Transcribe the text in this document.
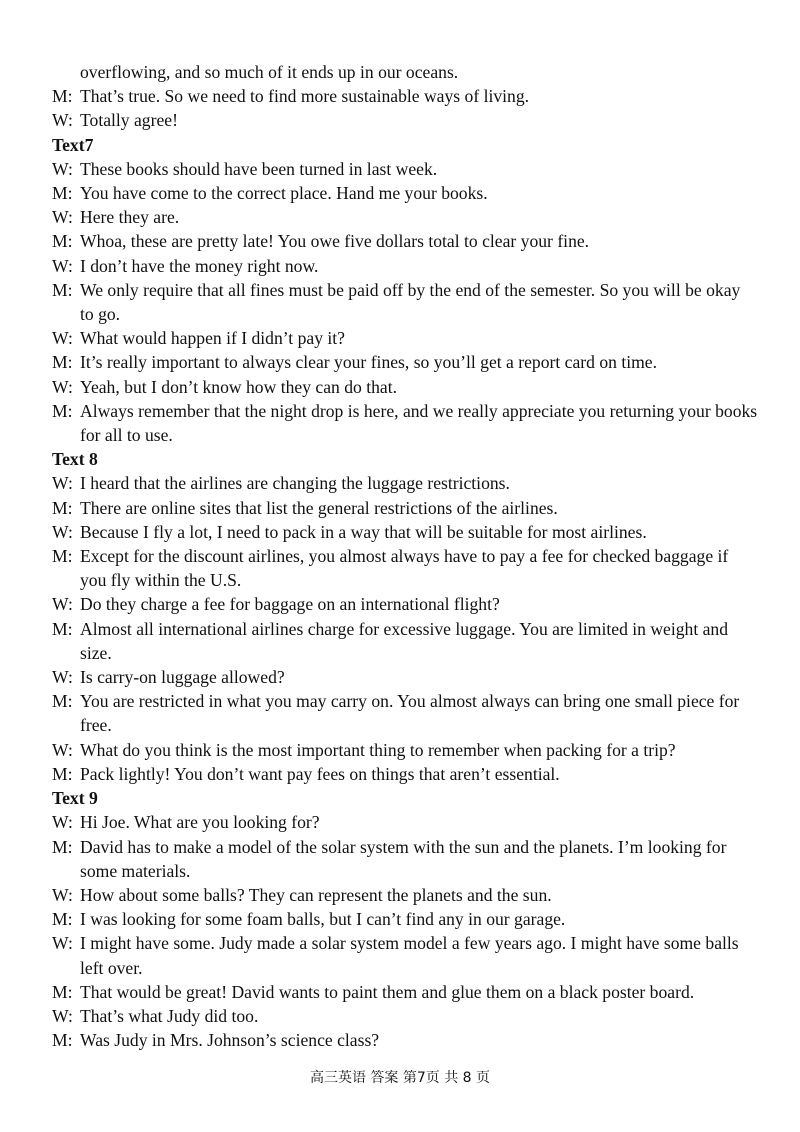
overflowing, and so much of it ends up in our oceans.
M: That’s true. So we need to find more sustainable ways of living.
W: Totally agree!
Text7
W: These books should have been turned in last week.
M: You have come to the correct place. Hand me your books.
W: Here they are.
M: Whoa, these are pretty late! You owe five dollars total to clear your fine.
W: I don’t have the money right now.
M: We only require that all fines must be paid off by the end of the semester. So you will be okay to go.
W: What would happen if I didn’t pay it?
M: It’s really important to always clear your fines, so you’ll get a report card on time.
W: Yeah, but I don’t know how they can do that.
M: Always remember that the night drop is here, and we really appreciate you returning your books for all to use.
Text 8
W: I heard that the airlines are changing the luggage restrictions.
M: There are online sites that list the general restrictions of the airlines.
W: Because I fly a lot, I need to pack in a way that will be suitable for most airlines.
M: Except for the discount airlines, you almost always have to pay a fee for checked baggage if you fly within the U.S.
W: Do they charge a fee for baggage on an international flight?
M: Almost all international airlines charge for excessive luggage. You are limited in weight and size.
W: Is carry-on luggage allowed?
M: You are restricted in what you may carry on. You almost always can bring one small piece for free.
W: What do you think is the most important thing to remember when packing for a trip?
M: Pack lightly! You don’t want pay fees on things that aren’t essential.
Text 9
W: Hi Joe. What are you looking for?
M: David has to make a model of the solar system with the sun and the planets. I’m looking for some materials.
W: How about some balls? They can represent the planets and the sun.
M: I was looking for some foam balls, but I can’t find any in our garage.
W: I might have some. Judy made a solar system model a few years ago. I might have some balls left over.
M: That would be great! David wants to paint them and glue them on a black poster board.
W: That’s what Judy did too.
M: Was Judy in Mrs. Johnson’s science class?
高三英语 答案 第7页 共 8 页
